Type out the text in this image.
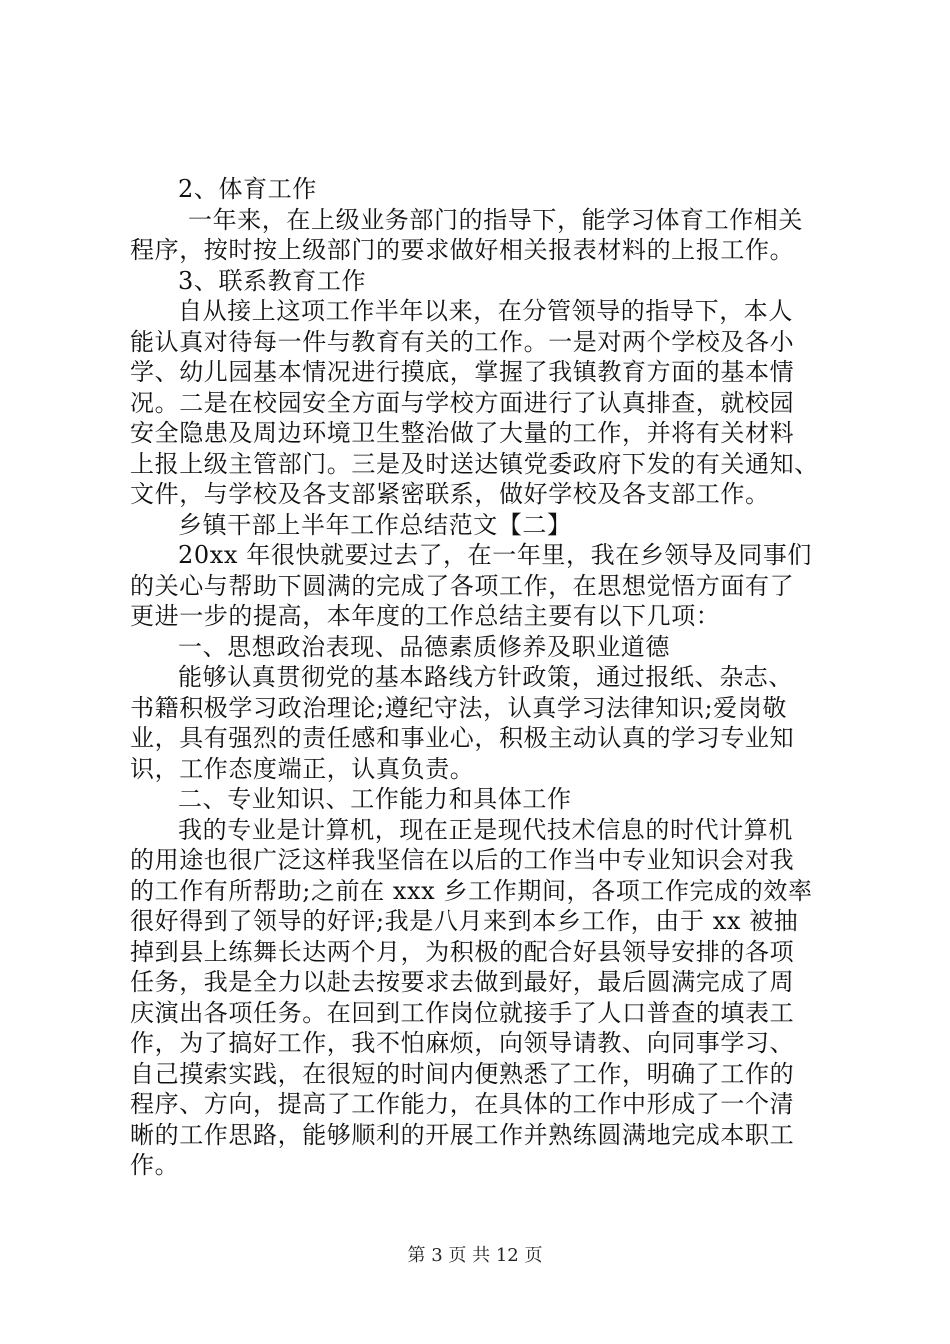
2、体育工作
一年来，在上级业务部门的指导下，能学习体育工作相关
程序，按时按上级部门的要求做好相关报表材料的上报工作。
3、联系教育工作
自从接上这项工作半年以来，在分管领导的指导下，本人
能认真对待每一件与教育有关的工作。一是对两个学校及各小
学、幼儿园基本情况进行摸底，掌握了我镇教育方面的基本情
况。二是在校园安全方面与学校方面进行了认真排查，就校园
安全隐患及周边环境卫生整治做了大量的工作，并将有关材料
上报上级主管部门。三是及时送达镇党委政府下发的有关通知、
文件，与学校及各支部紧密联系，做好学校及各支部工作。
乡镇干部上半年工作总结范文【二】
20xx 年很快就要过去了，在一年里，我在乡领导及同事们
的关心与帮助下圆满的完成了各项工作，在思想觉悟方面有了
更进一步的提高，本年度的工作总结主要有以下几项：
一、思想政治表现、品德素质修养及职业道德
能够认真贯彻党的基本路线方针政策，通过报纸、杂志、
书籍积极学习政治理论;遵纪守法，认真学习法律知识;爱岗敬
业，具有强烈的责任感和事业心，积极主动认真的学习专业知
识，工作态度端正，认真负责。
二、专业知识、工作能力和具体工作
我的专业是计算机，现在正是现代技术信息的时代计算机
的用途也很广泛这样我坚信在以后的工作当中专业知识会对我
的工作有所帮助;之前在 xxx 乡工作期间，各项工作完成的效率
很好得到了领导的好评;我是八月来到本乡工作，由于 xx 被抽
掉到县上练舞长达两个月，为积极的配合好县领导安排的各项
任务，我是全力以赴去按要求去做到最好，最后圆满完成了周
庆演出各项任务。在回到工作岗位就接手了人口普查的填表工
作，为了搞好工作，我不怕麻烦，向领导请教、向同事学习、
自己摸索实践，在很短的时间内便熟悉了工作，明确了工作的
程序、方向，提高了工作能力，在具体的工作中形成了一个清
晰的工作思路，能够顺利的开展工作并熟练圆满地完成本职工
作。
第 3 页 共 12 页
